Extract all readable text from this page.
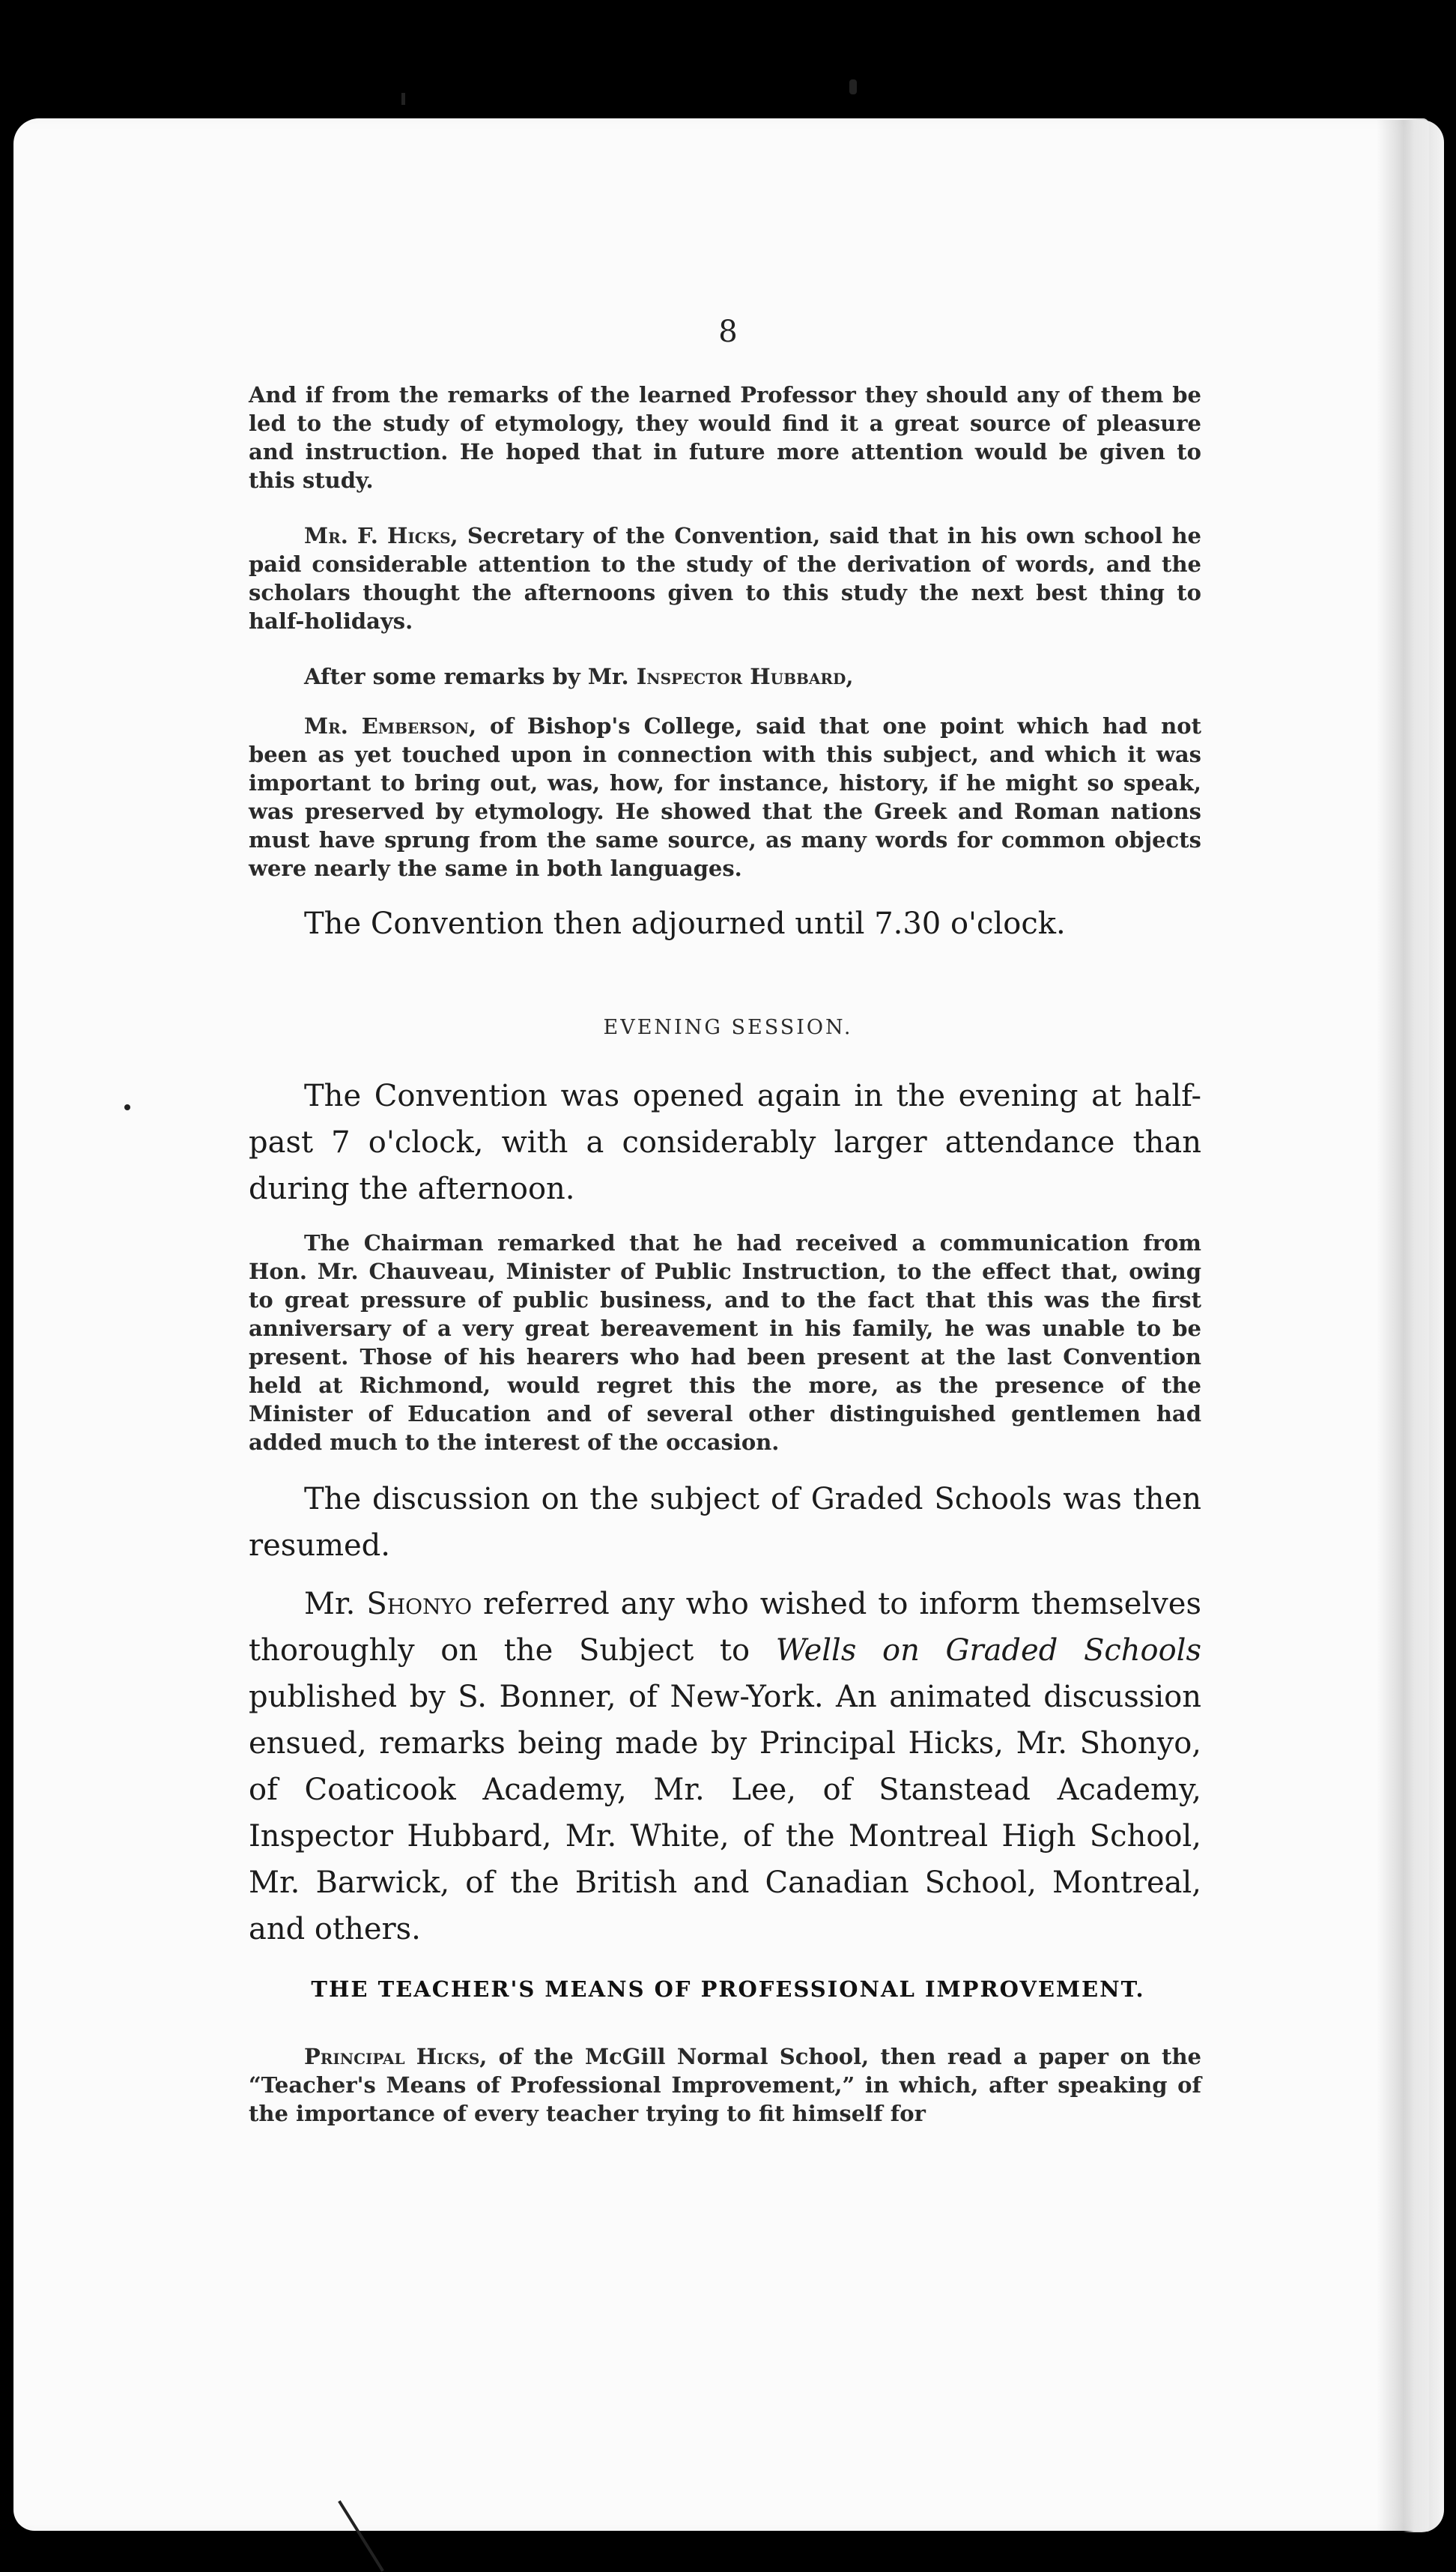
8

And if from the remarks of the learned Professor they should any of them be led to the study of etymology, they would find it a great source of pleasure and instruction. He hoped that in future more attention would be given to this study.

Mr. F. Hicks, Secretary of the Convention, said that in his own school he paid considerable attention to the study of the derivation of words, and the scholars thought the afternoons given to this study the next best thing to half-holidays.

After some remarks by Mr. Inspector Hubbard,

Mr. Emberson, of Bishop's College, said that one point which had not been as yet touched upon in connection with this subject, and which it was important to bring out, was, how, for instance, history, if he might so speak, was preserved by etymology. He showed that the Greek and Roman nations must have sprung from the same source, as many words for common objects were nearly the same in both languages.

The Convention then adjourned until 7.30 o'clock.

EVENING SESSION.

The Convention was opened again in the evening at half-past 7 o'clock, with a considerably larger attendance than during the afternoon.

The Chairman remarked that he had received a communication from Hon. Mr. Chauveau, Minister of Public Instruction, to the effect that, owing to great pressure of public business, and to the fact that this was the first anniversary of a very great bereavement in his family, he was unable to be present. Those of his hearers who had been present at the last Convention held at Richmond, would regret this the more, as the presence of the Minister of Education and of several other distinguished gentlemen had added much to the interest of the occasion.

The discussion on the subject of Graded Schools was then resumed.

Mr. Shonyo referred any who wished to inform themselves thoroughly on the Subject to Wells on Graded Schools published by S. Bonner, of New-York. An animated discussion ensued, remarks being made by Principal Hicks, Mr. Shonyo, of Coaticook Academy, Mr. Lee, of Stanstead Academy, Inspector Hubbard, Mr. White, of the Montreal High School, Mr. Barwick, of the British and Canadian School, Montreal, and others.

THE TEACHER'S MEANS OF PROFESSIONAL IMPROVEMENT.

Principal Hicks, of the McGill Normal School, then read a paper on the “Teacher's Means of Professional Improvement,” in which, after speaking of the importance of every teacher trying to fit himself for
